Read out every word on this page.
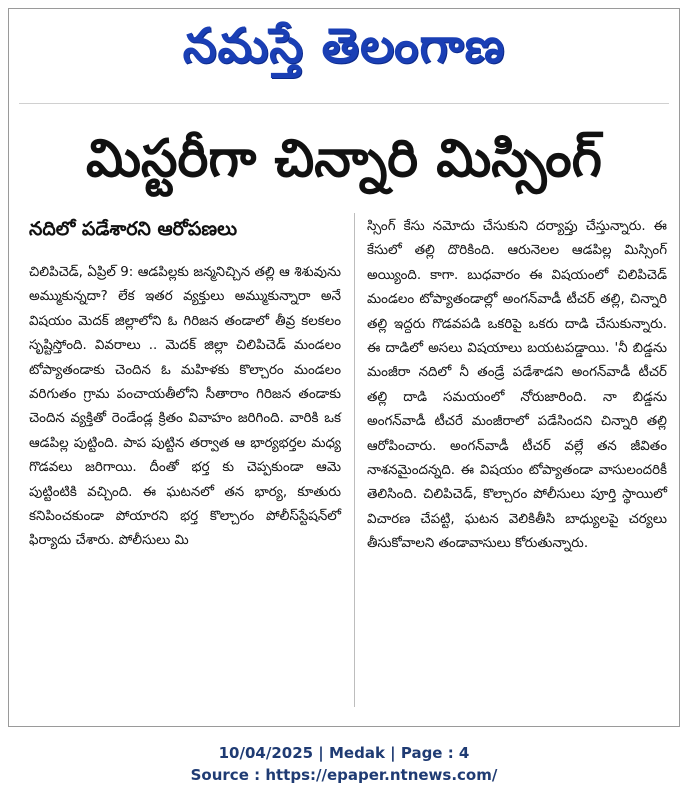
నమస్తే తెలంగాణ
మిస్టరీగా చిన్నారి మిస్సింగ్
నదిలో పడేశారని ఆరోపణలు

చిలిపిచెడ్, ఏప్రిల్ 9: ఆడపిల్లకు జన్మనిచ్చిన తల్లి ఆ శిశువును అమ్ముకున్నదా? లేక ఇతర వ్యక్తులు అమ్ముకున్నారా అనే విషయం మెదక్ జిల్లాలోని ఓ గిరిజన తండాలో తీవ్ర కలకలం సృష్టిస్తోంది. వివరాలు .. మెదక్ జిల్లా చిలిపిచెడ్ మండలం టోప్యాతండాకు చెందిన ఓ మహిళకు కొల్చారం మండలం వరిగుతం గ్రామ పంచాయతీలోని సీతారాం గిరిజన తండాకు చెందిన వ్యక్తితో రెండేండ్ల క్రితం వివాహం జరిగింది. వారికి ఒక ఆడపిల్ల పుట్టింది. పాప పుట్టిన తర్వాత ఆ భార్యభర్తల మధ్య గొడవలు జరిగాయి. దీంతో భర్త కు చెప్పకుండా ఆమె పుట్టింటికి వచ్చింది. ఈ ఘటనలో తన భార్య, కూతురు కనిపించకుండా పోయారని భర్త కొల్చారం పోలీస్‌స్టేషన్‌లో ఫిర్యాదు చేశారు. పోలీసులు మి

స్సింగ్ కేసు నమోదు చేసుకుని దర్యాప్తు చేస్తున్నారు. ఈ కేసులో తల్లి దొరికింది. ఆరునెలల ఆడపిల్ల మిస్సింగ్ అయ్యింది. కాగా. బుధవారం ఈ విషయంలో చిలిపిచెడ్ మండలం టోప్యాతండాల్లో అంగన్‌వాడీ టీచర్ తల్లి, చిన్నారి తల్లి ఇద్దరు గొడవపడి ఒకరిపై ఒకరు దాడి చేసుకున్నారు. ఈ దాడిలో అసలు విషయాలు బయటపడ్డాయి. 'నీ బిడ్డను మంజీరా నదిలో నీ తండ్రే పడేశాడని అంగన్‌వాడీ టీచర్ తల్లి దాడి సమయంలో నోరుజారింది. నా బిడ్డను అంగన్‌వాడీ టీచరే మంజీరాలో పడేసిందని చిన్నారి తల్లి ఆరోపించారు. అంగన్‌వాడీ టీచర్ వల్లే తన జీవితం నాశనమైందన్నది. ఈ విషయం టోప్యాతండా వాసులందరికీ తెలిసింది. చిలిపిచెడ్, కొల్చారం పోలీసులు పూర్తి స్థాయిలో విచారణ చేపట్టి, ఘటన వెలికితీసి బాధ్యులపై చర్యలు తీసుకోవాలని తండావాసులు కోరుతున్నారు.

10/04/2025 | Medak | Page : 4
Source : https://epaper.ntnews.com/
